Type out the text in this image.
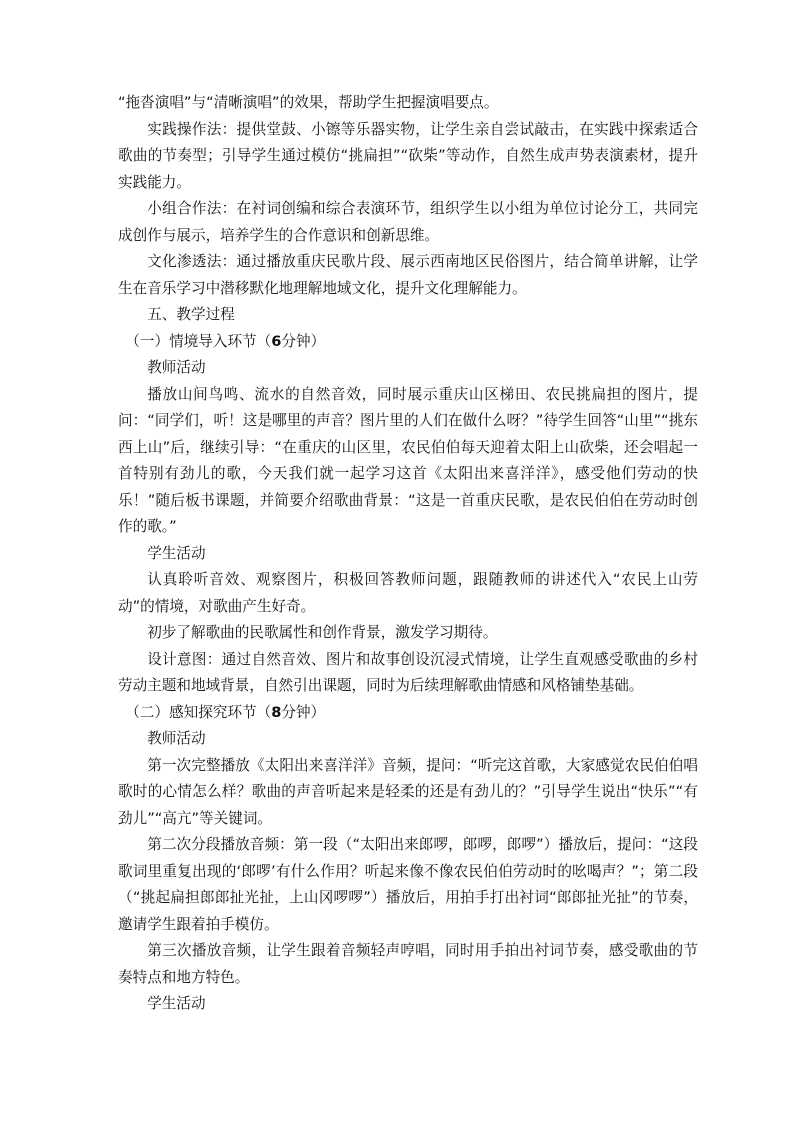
“拖沓演唱”与“清晰演唱”的效果，帮助学生把握演唱要点。

实践操作法：提供堂鼓、小镲等乐器实物，让学生亲自尝试敲击，在实践中探索适合歌曲的节奏型；引导学生通过模仿“挑扁担”“砍柴”等动作，自然生成声势表演素材，提升实践能力。

小组合作法：在衬词创编和综合表演环节，组织学生以小组为单位讨论分工，共同完成创作与展示，培养学生的合作意识和创新思维。

文化渗透法：通过播放重庆民歌片段、展示西南地区民俗图片，结合简单讲解，让学生在音乐学习中潜移默化地理解地域文化，提升文化理解能力。

五、教学过程

（一）情境导入环节（6分钟）

教师活动

播放山间鸟鸣、流水的自然音效，同时展示重庆山区梯田、农民挑扁担的图片，提问：“同学们，听！这是哪里的声音？图片里的人们在做什么呀？”待学生回答“山里”“挑东西上山”后，继续引导：“在重庆的山区里，农民伯伯每天迎着太阳上山砍柴，还会唱起一首特别有劲儿的歌，今天我们就一起学习这首《太阳出来喜洋洋》，感受他们劳动的快乐！”随后板书课题，并简要介绍歌曲背景：“这是一首重庆民歌，是农民伯伯在劳动时创作的歌。”

学生活动

认真聆听音效、观察图片，积极回答教师问题，跟随教师的讲述代入“农民上山劳动”的情境，对歌曲产生好奇。

初步了解歌曲的民歌属性和创作背景，激发学习期待。

设计意图：通过自然音效、图片和故事创设沉浸式情境，让学生直观感受歌曲的乡村劳动主题和地域背景，自然引出课题，同时为后续理解歌曲情感和风格铺垫基础。

（二）感知探究环节（8分钟）

教师活动

第一次完整播放《太阳出来喜洋洋》音频，提问：“听完这首歌，大家感觉农民伯伯唱歌时的心情怎么样？歌曲的声音听起来是轻柔的还是有劲儿的？”引导学生说出“快乐”“有劲儿”“高亢”等关键词。

第二次分段播放音频：第一段（“太阳出来郎啰，郎啰，郎啰”）播放后，提问：“这段歌词里重复出现的‘郎啰’有什么作用？听起来像不像农民伯伯劳动时的吆喝声？”；第二段（“挑起扁担郎郎扯光扯，上山冈啰啰”）播放后，用拍手打出衬词“郎郎扯光扯”的节奏，邀请学生跟着拍手模仿。

第三次播放音频，让学生跟着音频轻声哼唱，同时用手拍出衬词节奏，感受歌曲的节奏特点和地方特色。

学生活动
